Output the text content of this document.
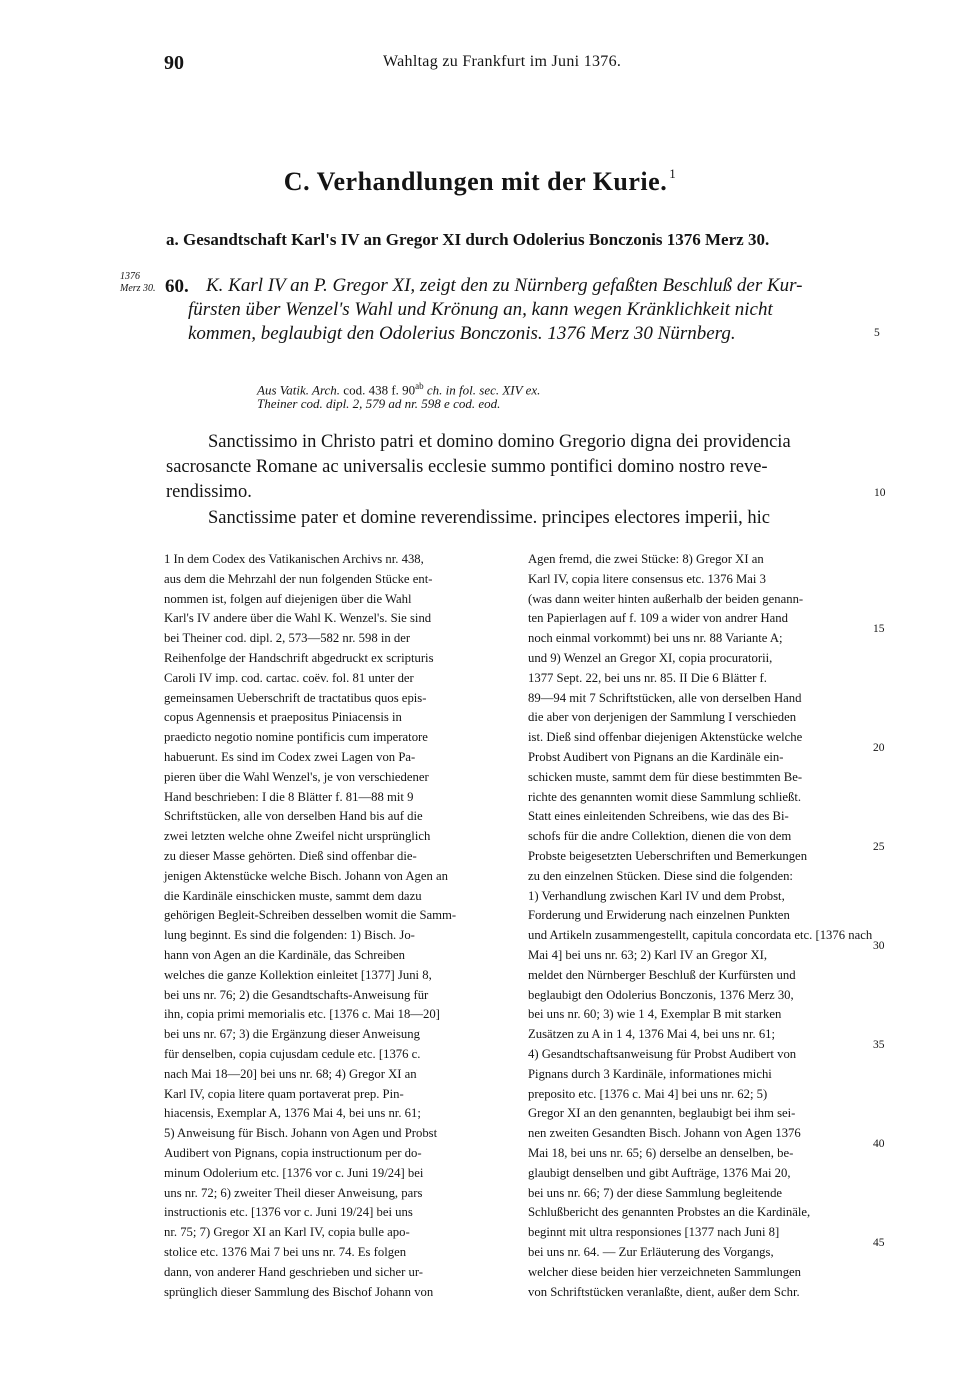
90	Wahltag zu Frankfurt im Juni 1376.
C. Verhandlungen mit der Kurie. $^1$
a. Gesandtschaft Karl's IV an Gregor XI durch Odolerius Bonczonis 1376 Merz 30.
1376
Merz 30. 60. K. Karl IV an P. Gregor XI, zeigt den zu Nürnberg gefaßten Beschluß der Kur-
fürsten über Wenzel's Wahl und Krönung an, kann wegen Kränklichkeit nicht
kommen, beglaubigt den Odolerius Bonczonis. 1376 Merz 30 Nürnberg.	5
Aus Vatik. Arch. cod. 438 f. $90^{ab}$ ch. in fol. sec. XIV ex.
Theiner cod. dipl. 2, 579 ad nr. 598 e cod. eod.
Sanctissimo in Christo patri et domino domino Gregorio digna dei providencia
sacrosancte Romane ac universalis ecclesie summo pontifici domino nostro reve-
rendissimo.	10
Sanctissime pater et domine reverendissime. principes electores imperii, hic
1 In dem Codex des Vatikanischen Archivs nr. 438,
aus dem die Mehrzahl der nun folgenden Stücke ent-
nommen ist, folgen auf diejenigen über die Wahl
Karl's IV andere über die Wahl K. Wenzel's. Sie sind
bei Theiner cod. dipl. 2, 573—582 nr. 598 in der
Reihenfolge der Handschrift abgedruckt ex scripturis
Caroli IV imp. cod. cartac. coëv. fol. 81 unter der
gemeinsamen Ueberschrift de tractatibus quos epis-
copus Agennensis et praepositus Piniacensis in
praedicto negotio nomine pontificis cum imperatore
habuerunt. Es sind im Codex zwei Lagen von Pa-
pieren über die Wahl Wenzel's, je von verschiedener
Hand beschrieben: I die 8 Blätter f. 81—88 mit 9
Schriftstücken, alle von derselben Hand bis auf die
zwei letzten welche ohne Zweifel nicht ursprünglich
zu dieser Masse gehörten. Dieß sind offenbar die-
jenigen Aktenstücke welche Bisch. Johann von Agen an
die Kardinäle einschicken muste, sammt dem dazu
gehörigen Begleit-Schreiben desselben womit die Samm-
lung beginnt. Es sind die folgenden: 1) Bisch. Jo-
hann von Agen an die Kardinäle, das Schreiben
welches die ganze Kollektion einleitet [1377] Juni 8,
bei uns nr. 76; 2) die Gesandtschafts-Anweisung für
ihn, copia primi memorialis etc. [1376 c. Mai 18—20]
bei uns nr. 67; 3) die Ergänzung dieser Anweisung
für denselben, copia cujusdam cedule etc. [1376 c.
nach Mai 18—20] bei uns nr. 68; 4) Gregor XI an
Karl IV, copia litere quam portaverat prep. Pin-
hiacensis, Exemplar A, 1376 Mai 4, bei uns nr. 61;
5) Anweisung für Bisch. Johann von Agen und Probst
Audibert von Pignans, copia instructionum per do-
minum Odolerium etc. [1376 vor c. Juni 19/24] bei
uns nr. 72; 6) zweiter Theil dieser Anweisung, pars
instructionis etc. [1376 vor c. Juni 19/24] bei uns
nr. 75; 7) Gregor XI an Karl IV, copia bulle apo-
stolice etc. 1376 Mai 7 bei uns nr. 74. Es folgen
dann, von anderer Hand geschrieben und sicher ur-
sprünglich dieser Sammlung des Bischof Johann von
Agen fremd, die zwei Stücke: 8) Gregor XI an
Karl IV, copia litere consensus etc. 1376 Mai 3
(was dann weiter hinten außerhalb der beiden genann-
ten Papierlagen auf f. 109 a wider von andrer Hand
noch einmal vorkommt) bei uns nr. 88 Variante A;
und 9) Wenzel an Gregor XI, copia procuratorii,
1377 Sept. 22, bei uns nr. 85. II Die 6 Blätter f.
89—94 mit 7 Schriftstücken, alle von derselben Hand
die aber von derjenigen der Sammlung I verschieden
ist. Dieß sind offenbar diejenigen Aktenstücke welche
Probst Audibert von Pignans an die Kardinäle ein-
schicken muste, sammt dem für diese bestimmten Be-
richte des genannten womit diese Sammlung schließt.
Statt eines einleitenden Schreibens, wie das des Bi-
schofs für die andre Collektion, dienen die von dem
Probste beigesetzten Ueberschriften und Bemerkungen
zu den einzelnen Stücken. Diese sind die folgenden:
1) Verhandlung zwischen Karl IV und dem Probst,
Forderung und Erwiderung nach einzelnen Punkten
und Artikeln zusammengestellt, capitula concordata etc. [1376 nach
Mai 4] bei uns nr. 63; 2) Karl IV an Gregor XI,
meldet den Nürnberger Beschluß der Kurfürsten und
beglaubigt den Odolerius Bonczonis, 1376 Merz 30,
bei uns nr. 60; 3) wie 1 4, Exemplar B mit starken
Zusätzen zu A in 1 4, 1376 Mai 4, bei uns nr. 61;
4) Gesandtschaftsanweisung für Probst Audibert von
Pignans durch 3 Kardinäle, informationes michi
preposito etc. [1376 c. Mai 4] bei uns nr. 62; 5)
Gregor XI an den genannten, beglaubigt bei ihm sei-
nen zweiten Gesandten Bisch. Johann von Agen 1376
Mai 18, bei uns nr. 65; 6) derselbe an denselben, be-
glaubigt denselben und gibt Aufträge, 1376 Mai 20,
bei uns nr. 66; 7) der diese Sammlung begleitende
Schlußbericht des genannten Probstes an die Kardinäle,
beginnt mit ultra responsiones [1377 nach Juni 8]
bei uns nr. 64. — Zur Erläuterung des Vorgangs,
welcher diese beiden hier verzeichneten Sammlungen
von Schriftstücken veranlaßte, dient, außer dem Schr.
15
20
25
30
35
40
45
